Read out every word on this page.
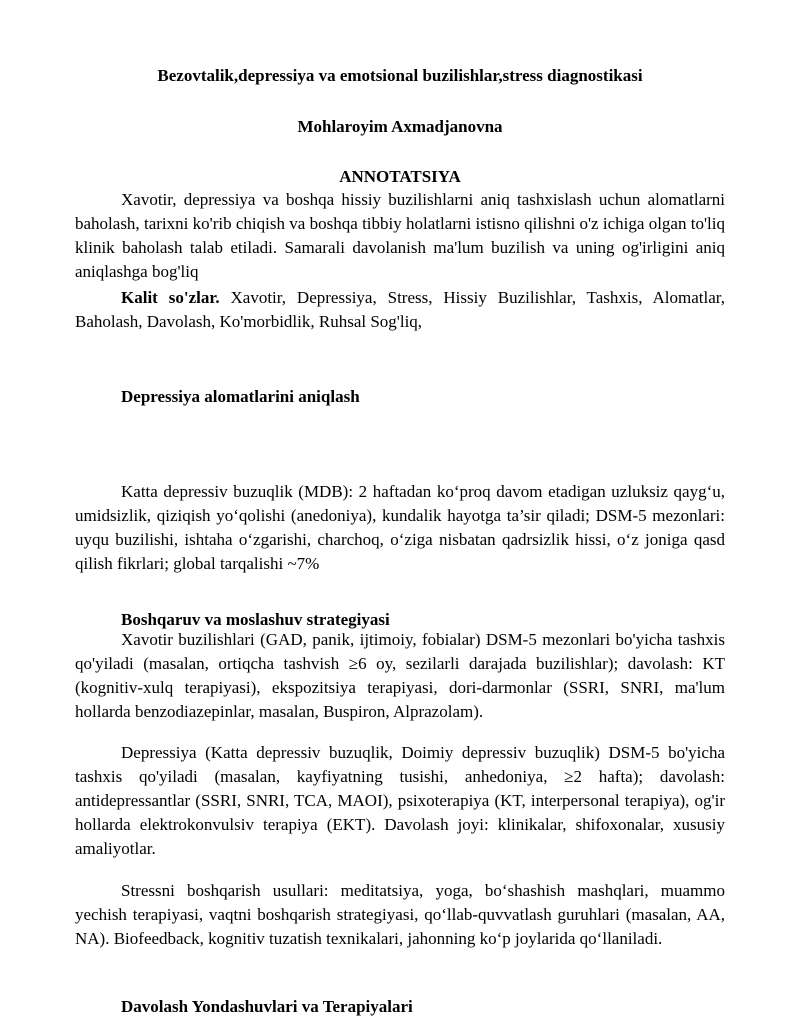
Bezovtalik,depressiya va emotsional buzilishlar,stress diagnostikasi

Mohlaroyim Axmadjanovna

ANNOTATSIYA

Xavotir, depressiya va boshqa hissiy buzilishlarni aniq tashxislash uchun alomatlarni baholash, tarixni ko'rib chiqish va boshqa tibbiy holatlarni istisno qilishni o'z ichiga olgan to'liq klinik baholash talab etiladi. Samarali davolanish ma'lum buzilish va uning og'irligini aniq aniqlashga bog'liq

Kalit so'zlar. Xavotir, Depressiya, Stress, Hissiy Buzilishlar, Tashxis, Alomatlar, Baholash, Davolash, Ko'morbidlik, Ruhsal Sog'liq,

Depressiya alomatlarini aniqlash

Katta depressiv buzuqlik (MDB): 2 haftadan ko‘proq davom etadigan uzluksiz qayg‘u, umidsizlik, qiziqish yo‘qolishi (anedoniya), kundalik hayotga ta’sir qiladi; DSM-5 mezonlari: uyqu buzilishi, ishtaha o‘zgarishi, charchoq, o‘ziga nisbatan qadrsizlik hissi, o‘z joniga qasd qilish fikrlari; global tarqalishi ~7%

Boshqaruv va moslashuv strategiyasi

Xavotir buzilishlari (GAD, panik, ijtimoiy, fobialar) DSM-5 mezonlari bo'yicha tashxis qo'yiladi (masalan, ortiqcha tashvish ≥6 oy, sezilarli darajada buzilishlar); davolash: KT (kognitiv-xulq terapiyasi), ekspozitsiya terapiyasi, dori-darmonlar (SSRI, SNRI, ma'lum hollarda benzodiazepinlar, masalan, Buspiron, Alprazolam).

Depressiya (Katta depressiv buzuqlik, Doimiy depressiv buzuqlik) DSM-5 bo'yicha tashxis qo'yiladi (masalan, kayfiyatning tusishi, anhedoniya, ≥2 hafta); davolash: antidepressantlar (SSRI, SNRI, TCA, MAOI), psixoterapiya (KT, interpersonal terapiya), og'ir hollarda elektrokonvulsiv terapiya (EKT). Davolash joyi: klinikalar, shifoxonalar, xususiy amaliyotlar.

Stressni boshqarish usullari: meditatsiya, yoga, bo‘shashish mashqlari, muammo yechish terapiyasi, vaqtni boshqarish strategiyasi, qo‘llab-quvvatlash guruhlari (masalan, AA, NA). Biofeedback, kognitiv tuzatish texnikalari, jahonning ko‘p joylarida qo‘llaniladi.

Davolash Yondashuvlari va Terapiyalari
